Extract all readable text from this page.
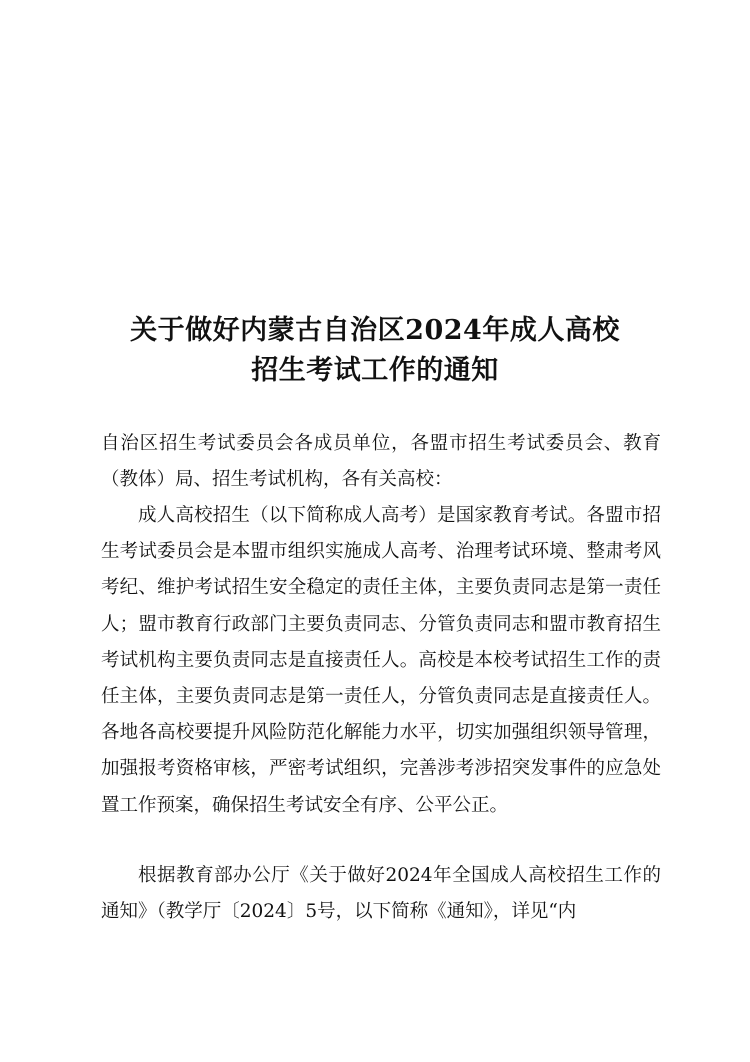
关于做好内蒙古自治区2024年成人高校
招生考试工作的通知

自治区招生考试委员会各成员单位，各盟市招生考试委员会、教育（教体）局、招生考试机构，各有关高校：

成人高校招生（以下简称成人高考）是国家教育考试。各盟市招生考试委员会是本盟市组织实施成人高考、治理考试环境、整肃考风考纪、维护考试招生安全稳定的责任主体，主要负责同志是第一责任人；盟市教育行政部门主要负责同志、分管负责同志和盟市教育招生考试机构主要负责同志是直接责任人。高校是本校考试招生工作的责任主体，主要负责同志是第一责任人，分管负责同志是直接责任人。各地各高校要提升风险防范化解能力水平，切实加强组织领导管理，加强报考资格审核，严密考试组织，完善涉考涉招突发事件的应急处置工作预案，确保招生考试安全有序、公平公正。

根据教育部办公厅《关于做好2024年全国成人高校招生工作的通知》（教学厅〔2024〕5号，以下简称《通知》，详见“内
